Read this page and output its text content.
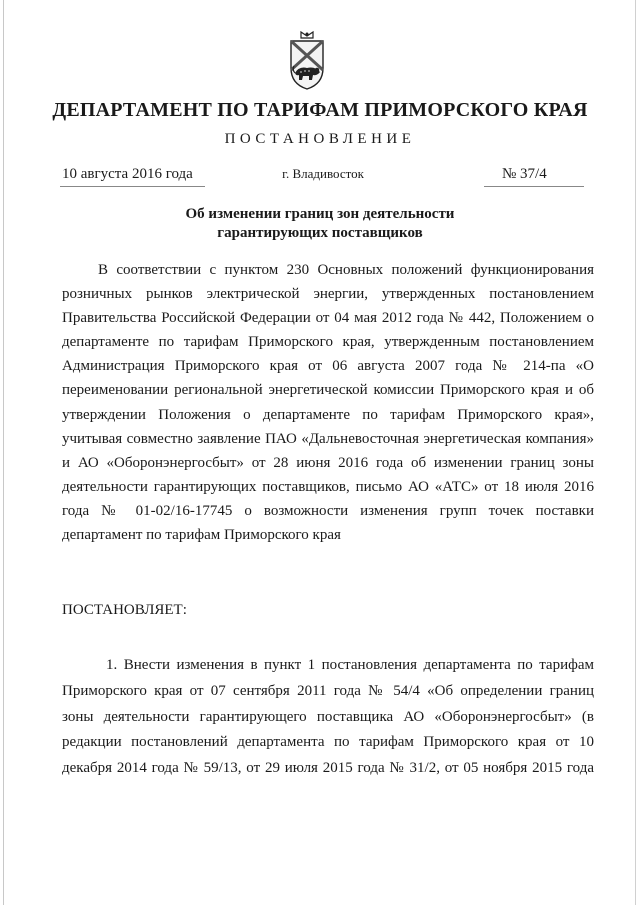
ДЕПАРТАМЕНТ ПО ТАРИФАМ ПРИМОРСКОГО КРАЯ
ПОСТАНОВЛЕНИЕ
10 августа 2016 года	г. Владивосток	№ 37/4
Об изменении границ зон деятельности
гарантирующих поставщиков
В соответствии с пунктом 230 Основных положений функционирования
розничных рынков электрической энергии, утвержденных постановлением
Правительства Российской Федерации от 04 мая 2012 года № 442, Положением о
департаменте по тарифам Приморского края, утвержденным постановлением
Администрация Приморского края от 06 августа 2007 года № 214-па «О
переименовании региональной энергетической комиссии Приморского края и об
утверждении Положения о департаменте по тарифам Приморского края»,
учитывая совместно заявление ПАО «Дальневосточная энергетическая компания»
и АО «Оборонэнергосбыт» от 28 июня 2016 года об изменении границ зоны
деятельности гарантирующих поставщиков, письмо АО «АТС» от 18 июля 2016
года № 01-02/16-17745 о возможности изменения групп точек поставки
департамент по тарифам Приморского края
ПОСТАНОВЛЯЕТ:
1. Внести изменения в пункт 1 постановления департамента по тарифам
Приморского края от 07 сентября 2011 года № 54/4 «Об определении границ
зоны деятельности гарантирующего поставщика АО «Оборонэнергосбыт» (в
редакции постановлений департамента по тарифам Приморского края от 10
декабря 2014 года № 59/13, от 29 июля 2015 года № 31/2, от 05 ноября 2015 года
